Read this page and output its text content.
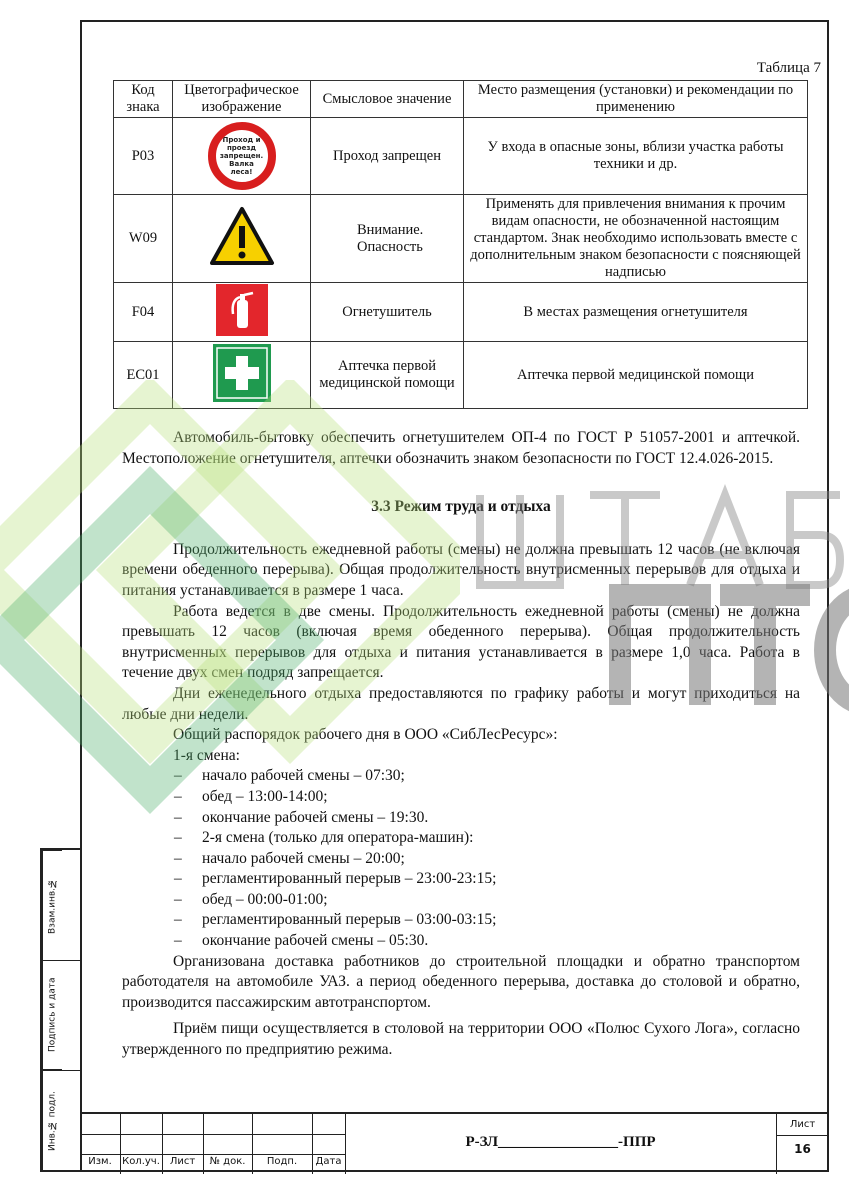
Взам.инв.№
Подпись и дата
Инв.№ подл.
Таблица 7
Код знака	Цветографическое изображение	Смысловое значение	Место размещения (установки) и рекомендации по применению
P03	Проход и проезд запрещен. Валка леса!	Проход запрещен	У входа в опасные зоны, вблизи участка работы техники и др.
W09		Внимание. Опасность	Применять для привлечения внимания к прочим видам опасности, не обозначенной настоящим стандартом. Знак необходимо использовать вместе с дополнительным знаком безопасности с поясняющей надписью
F04		Огнетушитель	В местах размещения огнетушителя
EC01		Аптечка первой медицинской помощи	Аптечка первой медицинской помощи

Автомобиль-бытовку обеспечить огнетушителем ОП-4 по ГОСТ Р 51057-2001 и аптечкой. Местоположение огнетушителя, аптечки обозначить знаком безопасности по ГОСТ 12.4.026-2015.

3.3 Режим труда и отдыха

Продолжительность ежедневной работы (смены) не должна превышать 12 часов (не включая времени обеденного перерыва). Общая продолжительность внутрисменных перерывов для отдыха и питания устанавливается в размере 1 часа.

Работа ведется в две смены. Продолжительность ежедневной работы (смены) не должна превышать 12 часов (включая время обеденного перерыва). Общая продолжительность внутрисменных перерывов для отдыха и питания устанавливается в размере 1,0 часа. Работа в течение двух смен подряд запрещается.

Дни еженедельного отдыха предоставляются по графику работы и могут приходиться на любые дни недели.

Общий распорядок рабочего дня в ООО «СибЛесРесурс»:

1-я смена:

– начало рабочей смены – 07:30;
– обед – 13:00-14:00;
– окончание рабочей смены – 19:30.
– 2-я смена (только для оператора-машин):
– начало рабочей смены – 20:00;
– регламентированный перерыв – 23:00-23:15;
– обед – 00:00-01:00;
– регламентированный перерыв – 03:00-03:15;
– окончание рабочей смены – 05:30.

Организована доставка работников до строительной площадки и обратно транспортом работодателя на автомобиле УАЗ. а период обеденного перерыва, доставка до столовой и обратно, производится пассажирским автотранспортом.

Приём пищи осуществляется в столовой на территории ООО «Полюс Сухого Лога», согласно утвержденного по предприятию режима.

Изм.	Кол.уч. Лист	№ док.	Подп.	Дата
Р-ЗЛ________________-ППР
Лист
16
